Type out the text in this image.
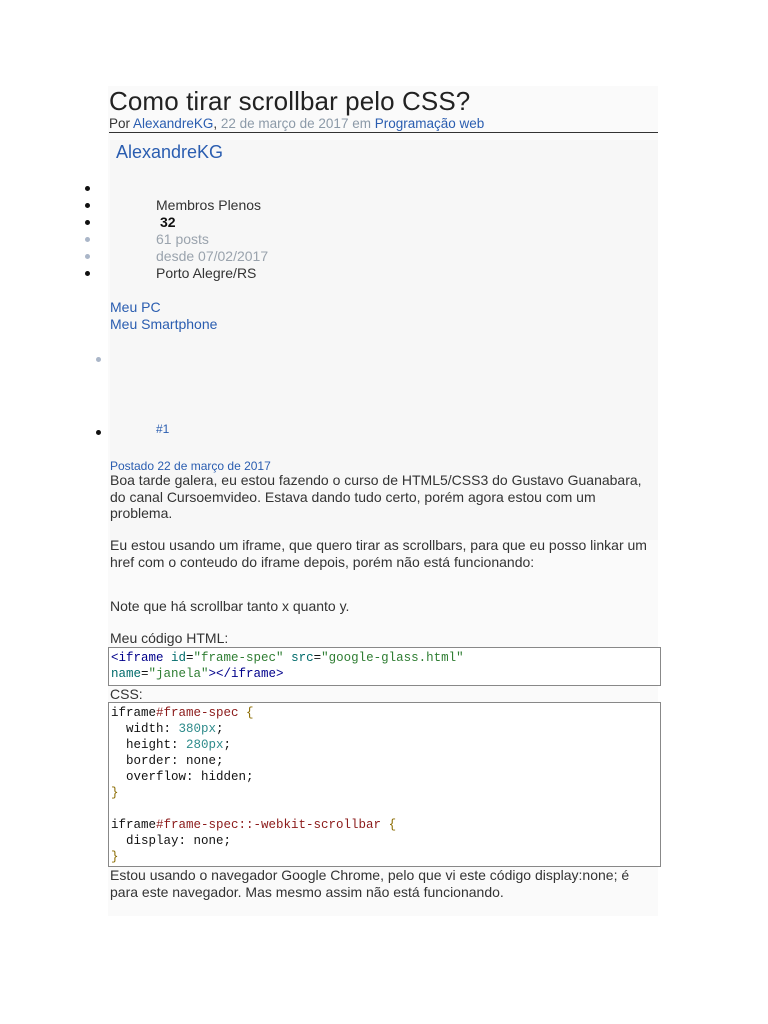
Como tirar scrollbar pelo CSS?
Por AlexandreKG, 22 de março de 2017 em Programação web
AlexandreKG
Membros Plenos
32
61 posts
desde 07/02/2017
Porto Alegre/RS
Meu PC
Meu Smartphone
#1
Postado 22 de março de 2017
Boa tarde galera, eu estou fazendo o curso de HTML5/CSS3 do Gustavo Guanabara, do canal Cursoemvideo. Estava dando tudo certo, porém agora estou com um problema.
Eu estou usando um iframe, que quero tirar as scrollbars, para que eu posso linkar um href com o conteudo do iframe depois, porém não está funcionando:
Note que há scrollbar tanto x quanto y.
Meu código HTML:
<iframe id="frame-spec" src="google-glass.html"
name="janela"></iframe>
CSS:
iframe#frame-spec {
width: 380px;
height: 280px;
border: none;
overflow: hidden;
}

iframe#frame-spec::-webkit-scrollbar {
display: none;
}
Estou usando o navegador Google Chrome, pelo que vi este código display:none; é para este navegador. Mas mesmo assim não está funcionando.
